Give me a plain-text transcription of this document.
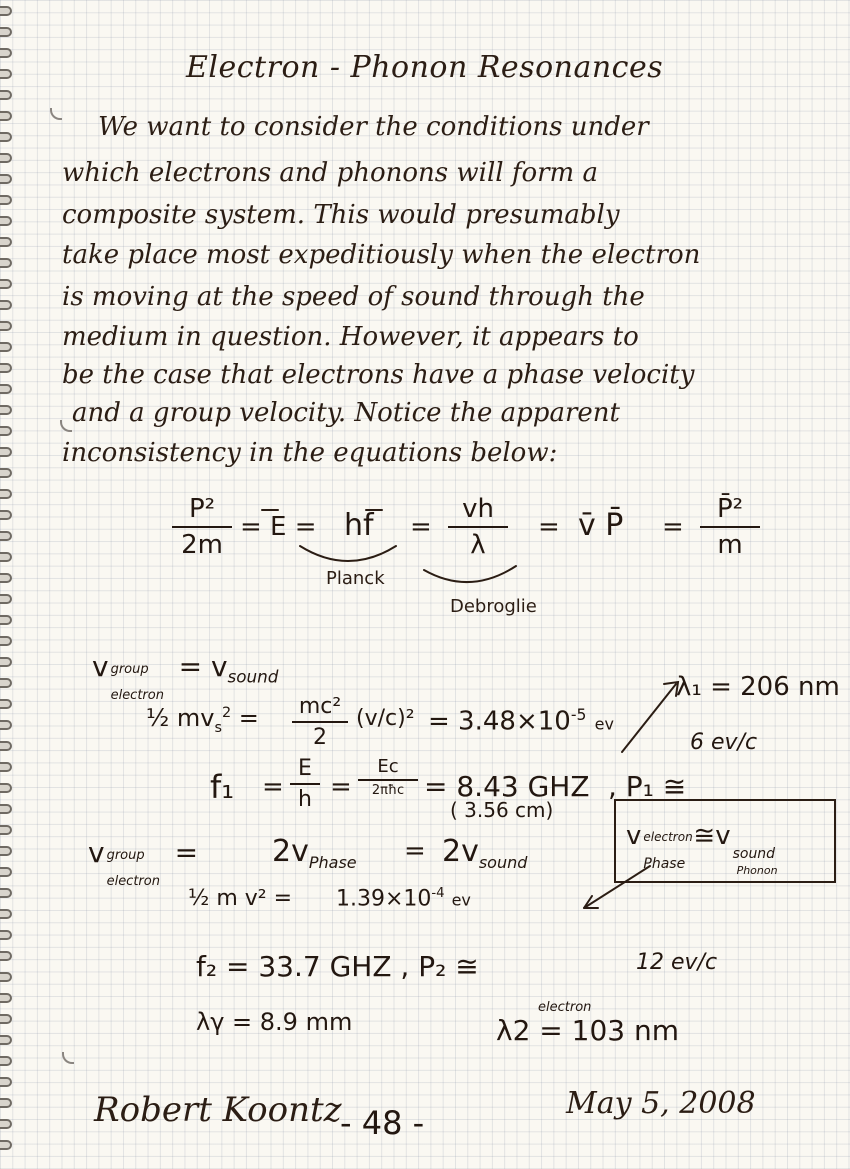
Electron - Phonon Resonances
We want to consider the conditions under
which electrons and phonons will form a
composite system. This would presumably
take place most expeditiously when the electron
is moving at the speed of sound through the
medium in question. However, it appears to
be the case that electrons have a phase velocity
and a group velocity. Notice the apparent
inconsistency in the equations below:
P²
2m
= E = hf =
vh
λ
= v̄ P̄ =
P̄²
m
Planck
Debroglie
v group
electron
= $v_{sound}$
½ $mv_s^2$ =	mc²
2
$(v/c)^2 = 3.48\times 10^{-5}$ ev
λ₁ = 206 nm
6 ev/c
f₁ =
E
h =
Ec
2πħc = 8.43 GHZ
( 3.56 cm)
, P₁ ≅
v group
electron
= $2v_{Phase} = 2v_{sound}$
v electron
Phase
≅v
sound
Phonon
½ m $v^2 = 1.39\times 10^{-4}$ ev
f₂ = 33.7 GHZ , P₂ ≅	12 ev/c
λγ = 8.9 mm
electron
λ2 = 103 nm
Robert Koontz
- 48 -
May 5, 2008
